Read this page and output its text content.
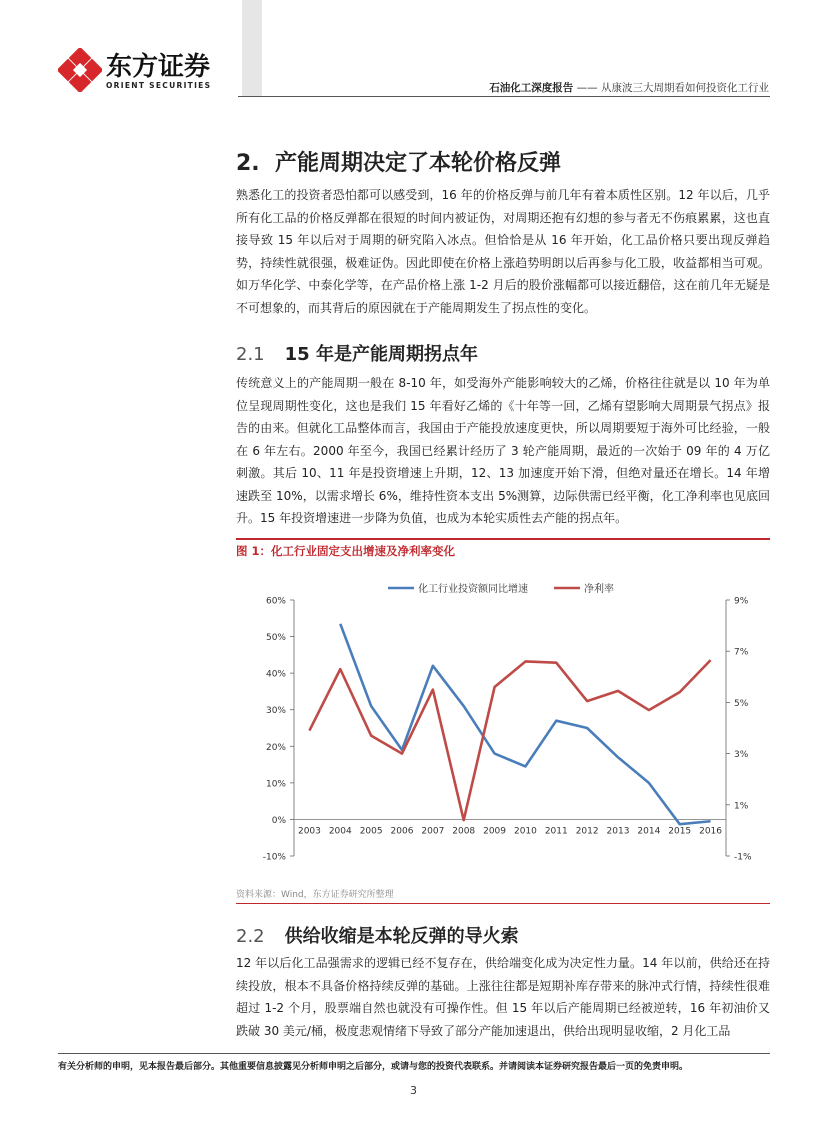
东方证券
ORIENT SECURITIES	石油化工深度报告 —— 从康波三大周期看如何投资化工行业
2. 产能周期决定了本轮价格反弹
熟悉化工的投资者恐怕都可以感受到，16 年的价格反弹与前几年有着本质性区别。12 年以后，几乎所有化工品的价格反弹都在很短的时间内被证伪，对周期还抱有幻想的参与者无不伤痕累累，这也直接导致 15 年以后对于周期的研究陷入冰点。但恰恰是从 16 年开始，化工品价格只要出现反弹趋势，持续性就很强，极难证伪。因此即使在价格上涨趋势明朗以后再参与化工股，收益都相当可观。如万华化学、中泰化学等，在产品价格上涨 1-2 月后的股价涨幅都可以接近翻倍，这在前几年无疑是不可想象的，而其背后的原因就在于产能周期发生了拐点性的变化。
2.1 15 年是产能周期拐点年
传统意义上的产能周期一般在 8-10 年，如受海外产能影响较大的乙烯，价格往往就是以 10 年为单位呈现周期性变化，这也是我们 15 年看好乙烯的《十年等一回，乙烯有望影响大周期景气拐点》报告的由来。但就化工品整体而言，我国由于产能投放速度更快，所以周期要短于海外可比经验，一般在 6 年左右。2000 年至今，我国已经累计经历了 3 轮产能周期，最近的一次始于 09 年的 4 万亿刺激。其后 10、11 年是投资增速上升期，12、13 加速度开始下滑，但绝对量还在增长。14 年增速跌至 10%，以需求增长 6%，维持性资本支出 5%测算，边际供需已经平衡，化工净利率也见底回升。15 年投资增速进一步降为负值，也成为本轮实质性去产能的拐点年。
图 1：化工行业固定支出增速及净利率变化
-10%
0%
10%
20%
30%
40%
50%
60%
-1%
1%
3%
5%
7%
9%
2003 2004 2005 2006 2007 2008 2009 2010 2011 2012 2013 2014 2015 2016
化工行业投资额同比增速	净利率
资料来源：Wind，东方证券研究所整理
2.2 供给收缩是本轮反弹的导火索
12 年以后化工品强需求的逻辑已经不复存在，供给端变化成为决定性力量。14 年以前，供给还在持续投放，根本不具备价格持续反弹的基础。上涨往往都是短期补库存带来的脉冲式行情，持续性很难超过 1-2 个月，股票端自然也就没有可操作性。但 15 年以后产能周期已经被逆转，16 年初油价又跌破 30 美元/桶，极度悲观情绪下导致了部分产能加速退出，供给出现明显收缩，2 月化工品
有关分析师的申明，见本报告最后部分。其他重要信息披露见分析师申明之后部分，或请与您的投资代表联系。并请阅读本证券研究报告最后一页的免责申明。
3
